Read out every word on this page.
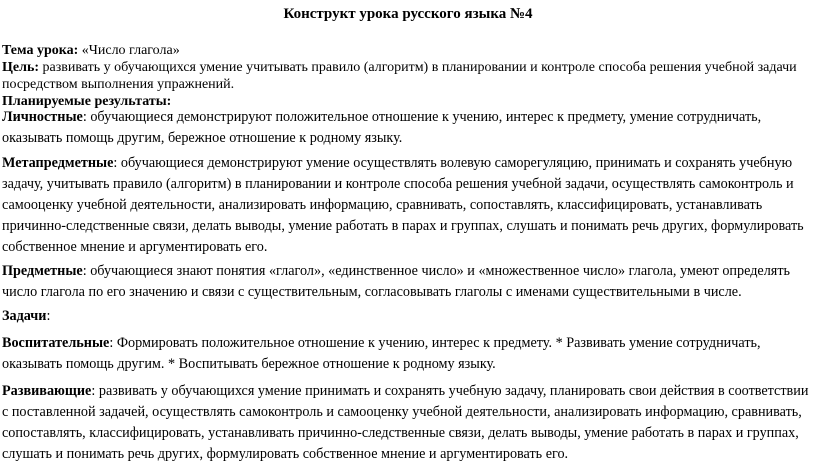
Конструкт урока русского языка №4
Тема урока: «Число глагола»
Цель: развивать у обучающихся умение учитывать правило (алгоритм) в планировании и контроле способа решения учебной задачи посредством выполнения упражнений.
Планируемые результаты:
Личностные: обучающиеся демонстрируют положительное отношение к учению, интерес к предмету, умение сотрудничать, оказывать помощь другим, бережное отношение к родному языку.
Метапредметные: обучающиеся демонстрируют умение осуществлять волевую саморегуляцию, принимать и сохранять учебную задачу, учитывать правило (алгоритм) в планировании и контроле способа решения учебной задачи, осуществлять самоконтроль и самооценку учебной деятельности, анализировать информацию, сравнивать, сопоставлять, классифицировать, устанавливать причинно-следственные связи, делать выводы, умение работать в парах и группах, слушать и понимать речь других, формулировать собственное мнение и аргументировать его.
Предметные: обучающиеся знают понятия «глагол», «единственное число» и «множественное число» глагола, умеют определять число глагола по его значению и связи с существительным, согласовывать глаголы с именами существительными в числе.
Задачи:
Воспитательные: Формировать положительное отношение к учению, интерес к предмету. * Развивать умение сотрудничать, оказывать помощь другим. * Воспитывать бережное отношение к родному языку.
Развивающие: развивать у обучающихся умение принимать и сохранять учебную задачу, планировать свои действия в соответствии с поставленной задачей, осуществлять самоконтроль и самооценку учебной деятельности, анализировать информацию, сравнивать, сопоставлять, классифицировать, устанавливать причинно-следственные связи, делать выводы, умение работать в парах и группах, слушать и понимать речь других, формулировать собственное мнение и аргументировать его.
